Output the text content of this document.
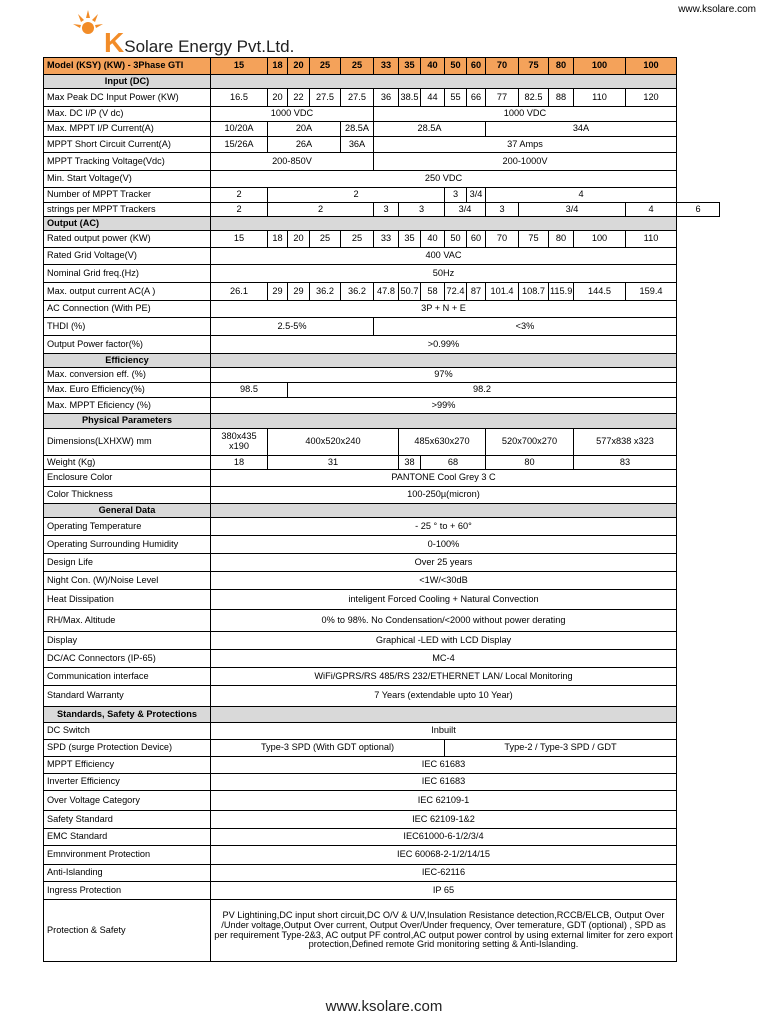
www.ksolare.com
KSolare Energy Pvt.Ltd.
Model (KSY) (KW) - 3Phase GTI	15	18	20	25	25	33	35	40	50	60	70	75	80	100	100	
Input (DC)																
Max Peak DC Input Power (KW)	16.5	20	22	27.5	27.5	36	38.5	44	55	66	77	82.5	88	110	120	
Max. DC I/P (V dc)	1000 VDC					1000 VDC										
Max. MPPT I/P Current(A)	10/20A	20A			28.5A	28.5A					34A					
MPPT Short Circuit Current(A)	15/26A	26A			36A	37 Amps										
MPPT Tracking Voltage(Vdc)	200-850V					200-1000V										
Min. Start Voltage(V)	250 VDC															
Number of MPPT Tracker	2	2							3	3/4	4					
strings per MPPT Trackers	2	2				3	3		3/4		3	3/4			4	6
Output (AC)																
Rated output power (KW)	15	18	20	25	25	33	35	40	50	60	70	75	80	100	110	
Rated Grid Voltage(V)	400 VAC															
Nominal Grid freq.(Hz)	50Hz															
Max. output current AC(A )	26.1	29	29	36.2	36.2	47.8	50.7	58	72.4	87	101.4	108.7	115.9	144.5	159.4	
AC Connection (With PE)	3P + N + E															
THDI (%)	2.5-5%					<3%										
Output Power factor(%)	>0.99%															
Efficiency																
Max. conversion eff. (%)	97%															
Max. Euro Efficiency(%)	98.5		98.2													
Max. MPPT Eficiency (%)	>99%															
Physical Parameters																
Dimensions(LXHXW) mm	380x435 x190	400x520x240					485x630x270				520x700x270			577x838 x323		
Weight (Kg)	18	31					38	68			80			83		
Enclosure Color	PANTONE Cool Grey 3 C															
Color Thickness	100-250µ(micron)															
General Data																
Operating Temperature	- 25 ° to + 60°															
Operating Surrounding Humidity	0-100%															
Design Life	Over 25 years															
Night Con. (W)/Noise Level	<1W/<30dB															
Heat Dissipation	inteligent Forced Cooling + Natural Convection															
RH/Max. Altitude	0% to 98%. No Condensation/<2000 without power derating															
Display	Graphical -LED with LCD Display															
DC/AC Connectors (IP-65)	MC-4															
Communication interface	WiFi/GPRS/RS 485/RS 232/ETHERNET LAN/ Local Monitoring															
Standard Warranty	7 Years (extendable upto 10 Year)															
Standards, Safety & Protections																
DC Switch	Inbuilt															
SPD (surge Protection Device)	Type-3 SPD (With GDT optional)								Type-2 / Type-3 SPD / GDT							
MPPT Efficiency	IEC 61683															
Inverter Efficiency	IEC 61683															
Over Voltage Category	IEC 62109-1															
Safety Standard	IEC 62109-1&2															
EMC Standard	IEC61000-6-1/2/3/4															
Emnvironment Protection	IEC 60068-2-1/2/14/15															
Anti-Islanding	IEC-62116															
Ingress Protection	IP 65															
Protection & Safety	PV Lightining,DC input short circuit,DC O/V & U/V,Insulation Resistance detection,RCCB/ELCB, Output Over /Under voltage,Output Over current, Output Over/Under frequency, Over temerature, GDT (optional) , SPD as per requirement Type-2&3, AC output PF control,AC output power control by using external limiter for zero export protection,Defined remote Grid monitoring setting & Anti-Islanding.															
www.ksolare.com
